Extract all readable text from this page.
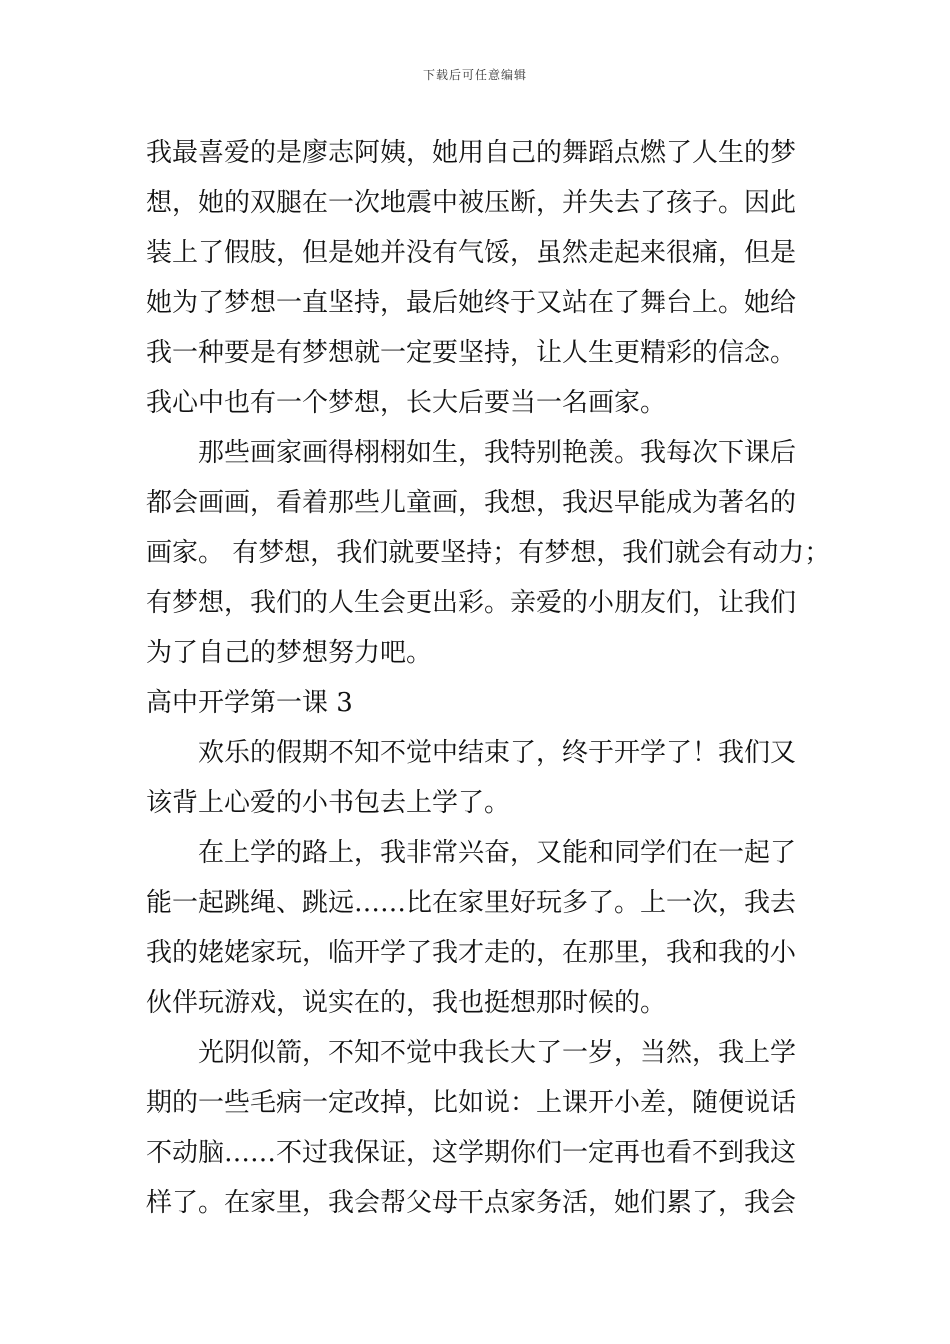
下载后可任意编辑
我最喜爱的是廖志阿姨，她用自己的舞蹈点燃了人生的梦
想，她的双腿在一次地震中被压断，并失去了孩子。因此
装上了假肢，但是她并没有气馁，虽然走起来很痛，但是
她为了梦想一直坚持，最后她终于又站在了舞台上。她给
我一种要是有梦想就一定要坚持，让人生更精彩的信念。
我心中也有一个梦想，长大后要当一名画家。
那些画家画得栩栩如生，我特别艳羡。我每次下课后
都会画画，看着那些儿童画，我想，我迟早能成为著名的
画家。 有梦想，我们就要坚持；有梦想，我们就会有动力；
有梦想，我们的人生会更出彩。亲爱的小朋友们，让我们
为了自己的梦想努力吧。
高中开学第一课 3
欢乐的假期不知不觉中结束了，终于开学了！我们又
该背上心爱的小书包去上学了。
在上学的路上，我非常兴奋，又能和同学们在一起了
能一起跳绳、跳远……比在家里好玩多了。上一次，我去
我的姥姥家玩，临开学了我才走的，在那里，我和我的小
伙伴玩游戏，说实在的，我也挺想那时候的。
光阴似箭，不知不觉中我长大了一岁，当然，我上学
期的一些毛病一定改掉，比如说：上课开小差，随便说话
不动脑……不过我保证，这学期你们一定再也看不到我这
样了。在家里，我会帮父母干点家务活，她们累了，我会
